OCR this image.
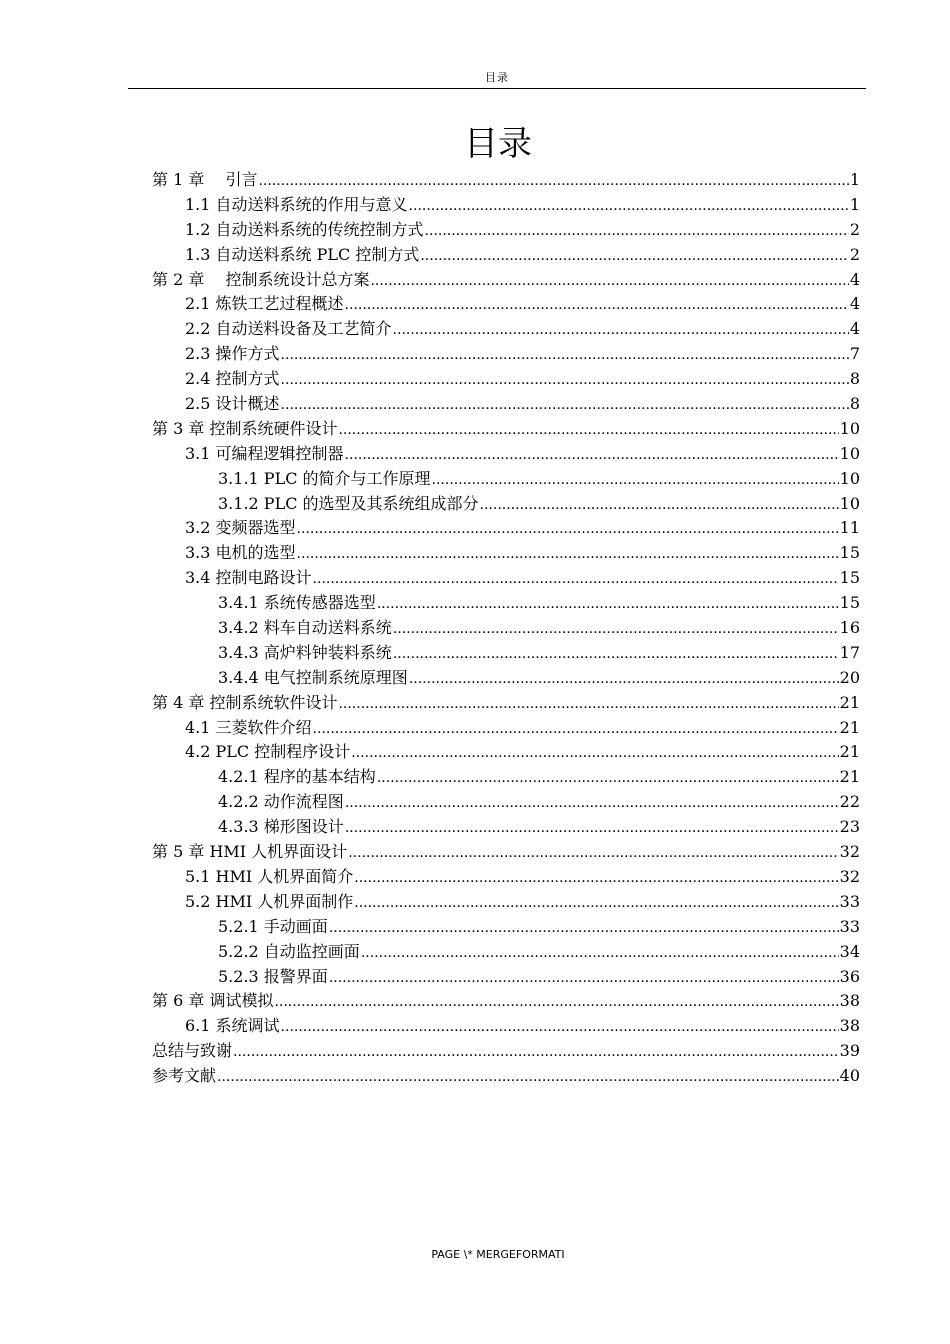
目录
目录
第 1 章　 引言 .....	1
1.1 自动送料系统的作用与意义 .....	1
1.2 自动送料系统的传统控制方式 .....	2
1.3 自动送料系统 PLC 控制方式 .....	2
第 2 章　 控制系统设计总方案 .....	4
2.1 炼铁工艺过程概述 .....	4
2.2 自动送料设备及工艺简介 .....	4
2.3 操作方式 .....	7
2.4 控制方式 .....	8
2.5 设计概述 .....	8
第 3 章 控制系统硬件设计 .....	10
3.1 可编程逻辑控制器 .....	10
3.1.1 PLC 的简介与工作原理 .....	10
3.1.2 PLC 的选型及其系统组成部分 .....	10
3.2 变频器选型 .....	11
3.3 电机的选型 .....	15
3.4 控制电路设计 .....	15
3.4.1 系统传感器选型 .....	15
3.4.2 料车自动送料系统 .....	16
3.4.3 高炉料钟装料系统 .....	17
3.4.4 电气控制系统原理图 .....	20
第 4 章 控制系统软件设计 .....	21
4.1 三菱软件介绍 .....	21
4.2 PLC 控制程序设计 .....	21
4.2.1 程序的基本结构 .....	21
4.2.2 动作流程图 .....	22
4.3.3 梯形图设计 .....	23
第 5 章 HMI 人机界面设计 .....	32
5.1 HMI 人机界面简介 .....	32
5.2 HMI 人机界面制作 .....	33
5.2.1 手动画面 .....	33
5.2.2 自动监控画面 .....	34
5.2.3 报警界面 .....	36
第 6 章 调试模拟 .....	38
6.1 系统调试 .....	38
总结与致谢 .....	39
参考文献 .....	40
PAGE \* MERGEFORMATI
